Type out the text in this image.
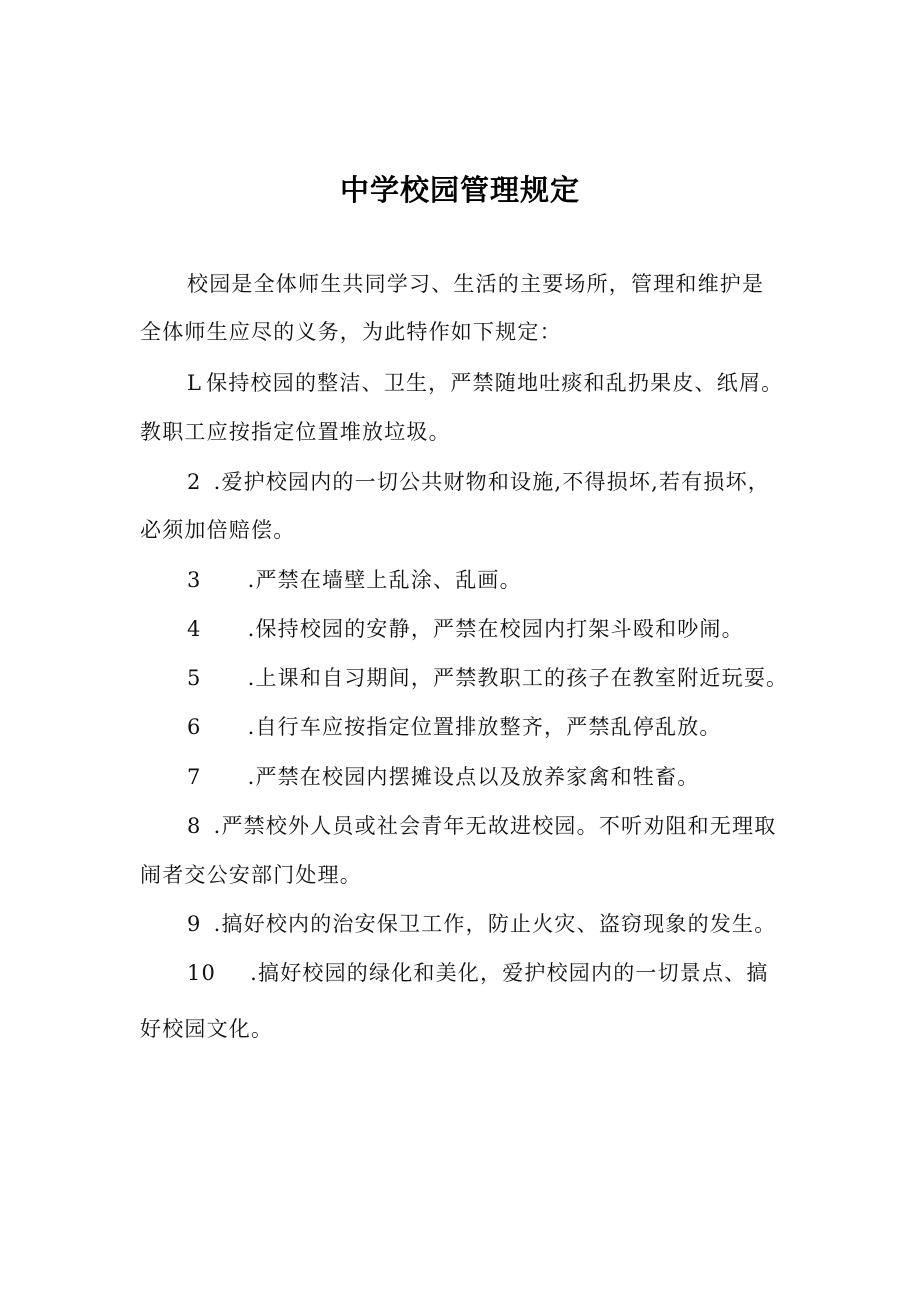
中学校园管理规定
校园是全体师生共同学习、生活的主要场所，管理和维护是
全体师生应尽的义务，为此特作如下规定：
L 保持校园的整洁、卫生，严禁随地吐痰和乱扔果皮、纸屑。
教职工应按指定位置堆放垃圾。
2 .爱护校园内的一切公共财物和设施,不得损坏,若有损坏，
必须加倍赔偿。
3 .严禁在墙壁上乱涂、乱画。
4 .保持校园的安静，严禁在校园内打架斗殴和吵闹。
5 .上课和自习期间，严禁教职工的孩子在教室附近玩耍。
6 .自行车应按指定位置排放整齐，严禁乱停乱放。
7 .严禁在校园内摆摊设点以及放养家禽和牲畜。
8 .严禁校外人员或社会青年无故进校园。不听劝阻和无理取
闹者交公安部门处理。
9 .搞好校内的治安保卫工作，防止火灾、盗窃现象的发生。
10 .搞好校园的绿化和美化，爱护校园内的一切景点、搞
好校园文化。
